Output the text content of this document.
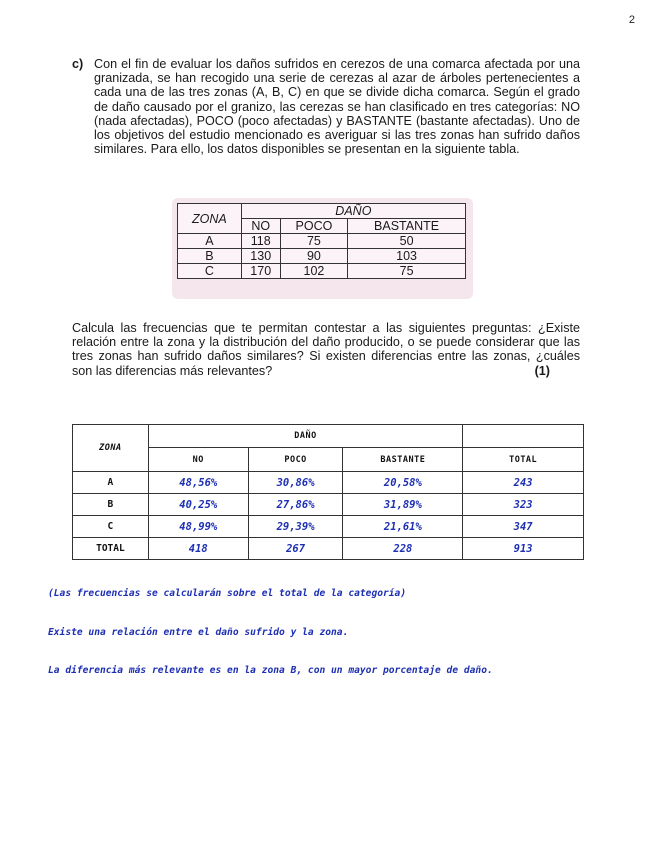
2
c) Con el fin de evaluar los daños sufridos en cerezos de una comarca afectada por una granizada, se han recogido una serie de cerezas al azar de árboles pertenecientes a cada una de las tres zonas (A, B, C) en que se divide dicha comarca. Según el grado de daño causado por el granizo, las cerezas se han clasificado en tres categorías: NO (nada afectadas), POCO (poco afectadas) y BASTANTE (bastante afectadas). Uno de los objetivos del estudio mencionado es averiguar si las tres zonas han sufrido daños similares. Para ello, los datos disponibles se presentan en la siguiente tabla.
ZONA	DAÑO		
	NO	POCO	BASTANTE
A	118	75	50
B	130	90	103
C	170	102	75
Calcula las frecuencias que te permitan contestar a las siguientes preguntas: ¿Existe relación entre la zona y la distribución del daño producido, o se puede considerar que las tres zonas han sufrido daños similares? Si existen diferencias entre las zonas, ¿cuáles son las diferencias más relevantes?	(1)
ZONA	DAÑO			
	NO	POCO	BASTANTE	TOTAL
A	48,56%	30,86%	20,58%	243
B	40,25%	27,86%	31,89%	323
C	48,99%	29,39%	21,61%	347
TOTAL	418	267	228	913
(Las frecuencias se calcularán sobre el total de la categoría)
Existe una relación entre el daño sufrido y la zona.
La diferencia más relevante es en la zona B, con un mayor porcentaje de daño.
